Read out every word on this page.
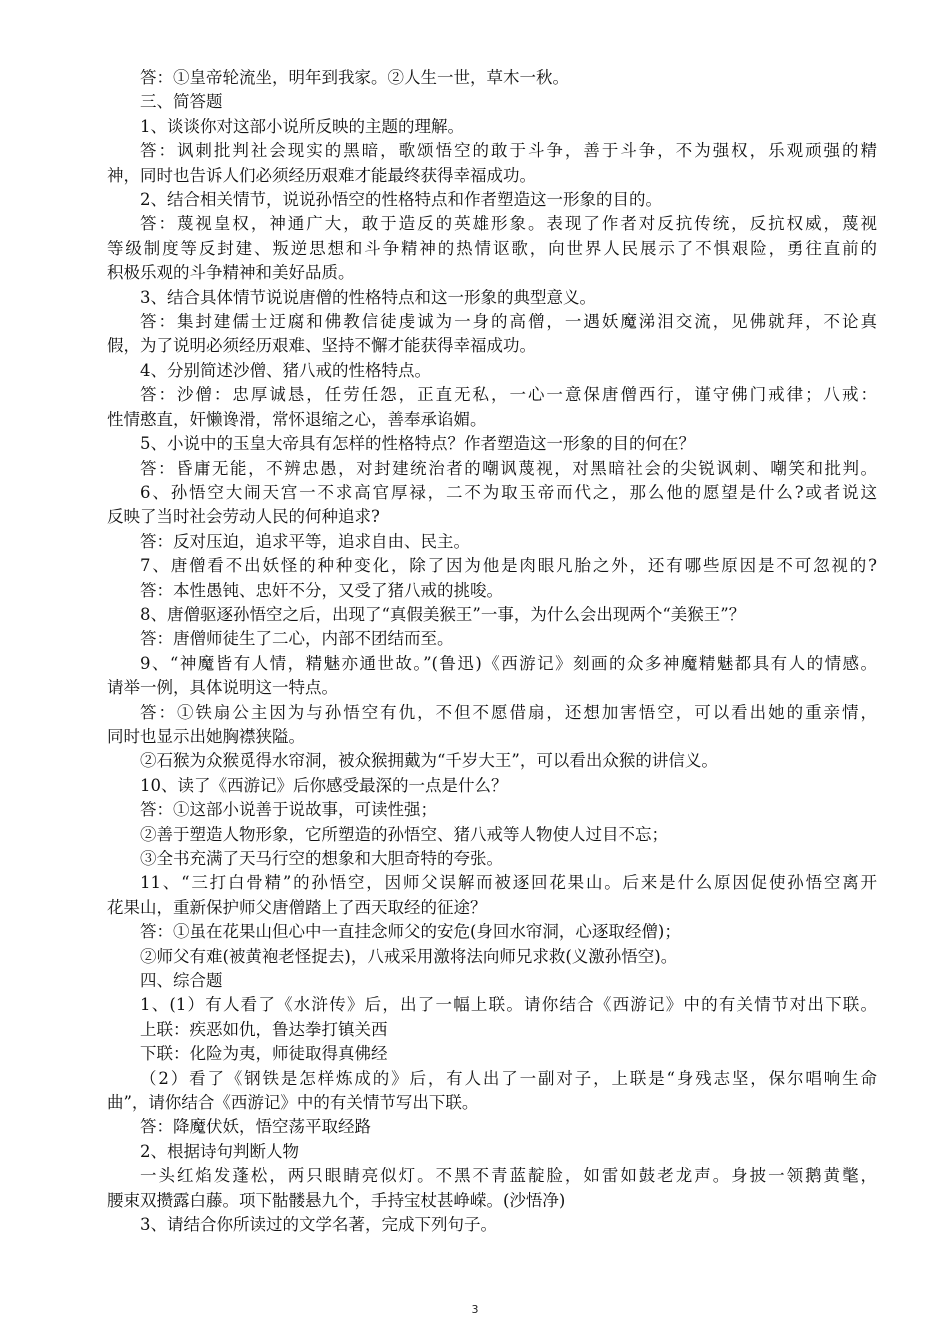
答：①皇帝轮流坐，明年到我家。②人生一世，草木一秋。
三、简答题
1、谈谈你对这部小说所反映的主题的理解。
答：讽刺批判社会现实的黑暗，歌颂悟空的敢于斗争，善于斗争，不为强权，乐观顽强的精
神，同时也告诉人们必须经历艰难才能最终获得幸福成功。
2、结合相关情节，说说孙悟空的性格特点和作者塑造这一形象的目的。
答：蔑视皇权，神通广大，敢于造反的英雄形象。表现了作者对反抗传统，反抗权威，蔑视
等级制度等反封建、叛逆思想和斗争精神的热情讴歌，向世界人民展示了不惧艰险，勇往直前的
积极乐观的斗争精神和美好品质。
3、结合具体情节说说唐僧的性格特点和这一形象的典型意义。
答：集封建儒士迂腐和佛教信徒虔诚为一身的高僧，一遇妖魔涕泪交流，见佛就拜，不论真
假，为了说明必须经历艰难、坚持不懈才能获得幸福成功。
4、分别简述沙僧、猪八戒的性格特点。
答：沙僧：忠厚诚恳，任劳任怨，正直无私，一心一意保唐僧西行，谨守佛门戒律；八戒：
性情憨直，奸懒谗滑，常怀退缩之心，善奉承谄媚。
5、小说中的玉皇大帝具有怎样的性格特点？作者塑造这一形象的目的何在？
答：昏庸无能，不辨忠愚，对封建统治者的嘲讽蔑视，对黑暗社会的尖锐讽刺、嘲笑和批判。
6、孙悟空大闹天宫一不求高官厚禄，二不为取玉帝而代之，那么他的愿望是什么?或者说这
反映了当时社会劳动人民的何种追求?
答：反对压迫，追求平等，追求自由、民主。
7、唐僧看不出妖怪的种种变化，除了因为他是肉眼凡胎之外，还有哪些原因是不可忽视的?
答：本性愚钝、忠奸不分，又受了猪八戒的挑唆。
8、唐僧驱逐孙悟空之后，出现了“真假美猴王”一事，为什么会出现两个“美猴王”？
答：唐僧师徒生了二心，内部不团结而至。
9、“神魔皆有人情，精魅亦通世故。”(鲁迅)《西游记》刻画的众多神魔精魅都具有人的情感。
请举一例，具体说明这一特点。
答：①铁扇公主因为与孙悟空有仇，不但不愿借扇，还想加害悟空，可以看出她的重亲情，
同时也显示出她胸襟狭隘。
②石猴为众猴觅得水帘洞，被众猴拥戴为“千岁大王”，可以看出众猴的讲信义。
10、读了《西游记》后你感受最深的一点是什么？
答：①这部小说善于说故事，可读性强；
②善于塑造人物形象，它所塑造的孙悟空、猪八戒等人物使人过目不忘；
③全书充满了天马行空的想象和大胆奇特的夸张。
11、“三打白骨精”的孙悟空，因师父误解而被逐回花果山。后来是什么原因促使孙悟空离开
花果山，重新保护师父唐僧踏上了西天取经的征途？
答：①虽在花果山但心中一直挂念师父的安危(身回水帘洞，心逐取经僧)；
②师父有难(被黄袍老怪捉去)，八戒采用激将法向师兄求救(义激孙悟空)。
四、综合题
1、(1）有人看了《水浒传》后，出了一幅上联。请你结合《西游记》中的有关情节对出下联。
上联：疾恶如仇，鲁达拳打镇关西
下联：化险为夷，师徒取得真佛经
（2）看了《钢铁是怎样炼成的》后，有人出了一副对子，上联是“身残志坚，保尔唱响生命
曲”，请你结合《西游记》中的有关情节写出下联。
答：降魔伏妖，悟空荡平取经路
2、根据诗句判断人物
一头红焰发蓬松，两只眼睛亮似灯。不黑不青蓝靛脸，如雷如鼓老龙声。身披一领鹅黄氅，
腰束双攒露白藤。项下骷髅悬九个，手持宝杖甚峥嵘。(沙悟净)
3、请结合你所读过的文学名著，完成下列句子。
3
